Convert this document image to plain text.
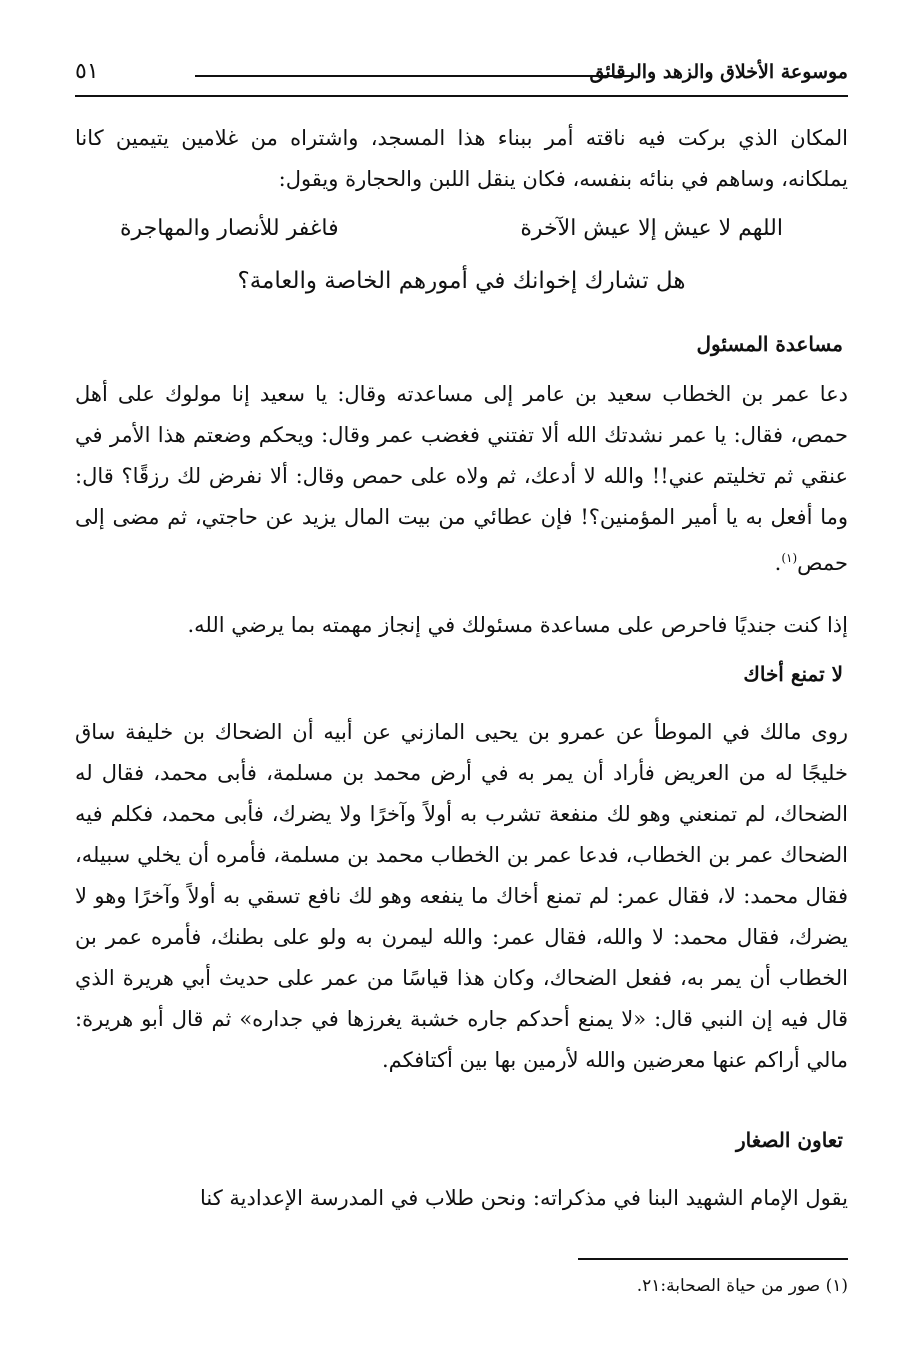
موسوعة الأخلاق والزهد والرقائق
٥١
المكان الذي بركت فيه ناقته أمر ببناء هذا المسجد، واشتراه من غلامين يتيمين كانا يملكانه، وساهم في بنائه بنفسه، فكان ينقل اللبن والحجارة ويقول:
اللهم لا عيش إلا عيش الآخرة
فاغفر للأنصار والمهاجرة
هل تشارك إخوانك في أمورهم الخاصة والعامة؟
مساعدة المسئول
دعا عمر بن الخطاب سعيد بن عامر إلى مساعدته وقال: يا سعيد إنا مولوك على أهل حمص، فقال: يا عمر نشدتك الله ألا تفتني فغضب عمر وقال: ويحكم وضعتم هذا الأمر في عنقي ثم تخليتم عني!! والله لا أدعك، ثم ولاه على حمص وقال: ألا نفرض لك رزقًا؟ قال: وما أفعل به يا أمير المؤمنين؟! فإن عطائي من بيت المال يزيد عن حاجتي، ثم مضى إلى حمص$^{(١)}$.
إذا كنت جنديًا فاحرص على مساعدة مسئولك في إنجاز مهمته بما يرضي الله.
لا تمنع أخاك
روى مالك في الموطأ عن عمرو بن يحيى المازني عن أبيه أن الضحاك بن خليفة ساق خليجًا له من العريض فأراد أن يمر به في أرض محمد بن مسلمة، فأبى محمد، فقال له الضحاك، لم تمنعني وهو لك منفعة تشرب به أولاً وآخرًا ولا يضرك، فأبى محمد، فكلم فيه الضحاك عمر بن الخطاب، فدعا عمر بن الخطاب محمد بن مسلمة، فأمره أن يخلي سبيله، فقال محمد: لا، فقال عمر: لم تمنع أخاك ما ينفعه وهو لك نافع تسقي به أولاً وآخرًا وهو لا يضرك، فقال محمد: لا والله، فقال عمر: والله ليمرن به ولو على بطنك، فأمره عمر بن الخطاب أن يمر به، ففعل الضحاك، وكان هذا قياسًا من عمر على حديث أبي هريرة الذي قال فيه إن النبي قال: «لا يمنع أحدكم جاره خشبة يغرزها في جداره» ثم قال أبو هريرة: مالي أراكم عنها معرضين والله لأرمين بها بين أكتافكم.
تعاون الصغار
يقول الإمام الشهيد البنا في مذكراته: ونحن طلاب في المدرسة الإعدادية كنا
(١) صور من حياة الصحابة:٢١.
